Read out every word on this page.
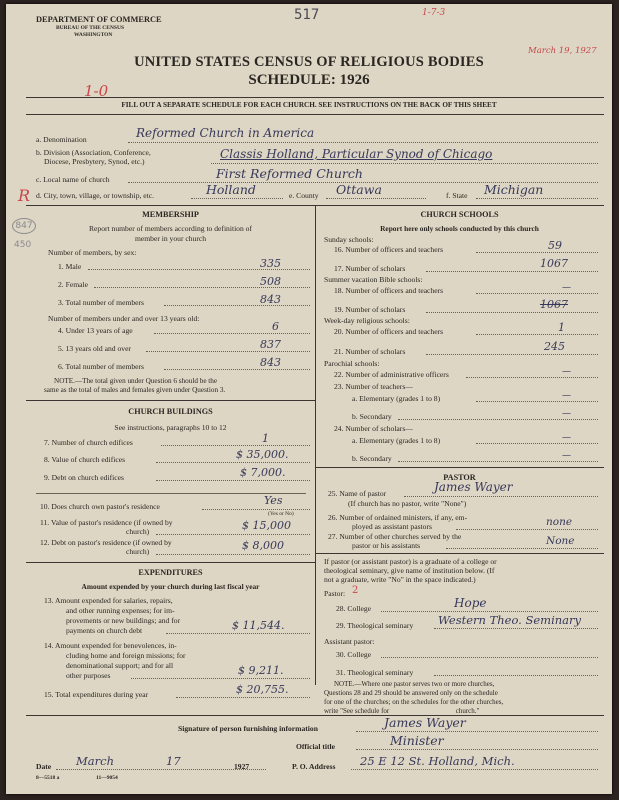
DEPARTMENT OF COMMERCE
BUREAU OF THE CENSUS
WASHINGTON
517	1-7-3
March 19, 1927
1-0
UNITED STATES CENSUS OF RELIGIOUS BODIES
SCHEDULE: 1926
FILL OUT A SEPARATE SCHEDULE FOR EACH CHURCH. SEE INSTRUCTIONS ON THE BACK OF THIS SHEET
a. Denomination	Reformed Church in America
b. Division (Association, Conference,
Diocese, Presbytery, Synod, etc.)
Classis Holland, Particular Synod of Chicago
c. Local name of church	First Reformed Church
R d. City, town, village, or township, etc.	Holland	e. County Ottawa	f. State Michigan
847
450
MEMBERSHIP
Report number of members according to definition of
member in your church
Number of members, by sex:
1. Male	335
2. Female	508
3. Total number of members	843
Number of members under and over 13 years old:
4. Under 13 years of age	6
5. 13 years old and over	837
6. Total number of members	843
NOTE.—The total given under Question 6 should be the
same as the total of males and females given under Question 3.
CHURCH BUILDINGS
See instructions, paragraphs 10 to 12
7. Number of church edifices	1
8. Value of church edifices	$ 35,000.
9. Debt on church edifices	$ 7,000.
10. Does church own pastor's residence	Yes
(Yes or No)
11. Value of pastor's residence (if owned by
church)	$ 15,000
12. Debt on pastor's residence (if owned by
church)	$ 8,000
EXPENDITURES
Amount expended by your church during last fiscal year
13. Amount expended for salaries, repairs,
and other running expenses; for im-
provements or new buildings; and for
payments on church debt	$ 11,544.
14. Amount expended for benevolences, in-
cluding home and foreign missions; for
denominational support; and for all
other purposes	$ 9,211.
15. Total expenditures during year	$ 20,755.
CHURCH SCHOOLS
Report here only schools conducted by this church
Sunday schools:
16. Number of officers and teachers	59
17. Number of scholars	1067
Summer vacation Bible schools:
18. Number of officers and teachers	—
19. Number of scholars	1067
Week-day religious schools:
20. Number of officers and teachers	1
21. Number of scholars	245
Parochial schools:
22. Number of administrative officers	—
23. Number of teachers—
a. Elementary (grades 1 to 8)	—
b. Secondary	—
24. Number of scholars—
a. Elementary (grades 1 to 8)	—
b. Secondary	—
PASTOR
25. Name of pastor	James Wayer
(If church has no pastor, write "None")
26. Number of ordained ministers, if any, em-
ployed as assistant pastors	none
27. Number of other churches served by the
pastor or his assistants	None
If pastor (or assistant pastor) is a graduate of a college or
theological seminary, give name of institution below. (If
not a graduate, write "No" in the space indicated.)
Pastor: 2
28. College	Hope
29. Theological seminary Western Theo. Seminary
Assistant pastor:
30. College
31. Theological seminary
NOTE.—Where one pastor serves two or more churches,
Questions 28 and 29 should be answered only on the schedule
for one of the churches; on the schedules for the other churches,
write "See schedule for                                      church."
Signature of person furnishing information	James Wayer
Official title	Minister
Date March	17	1927	P. O. Address 25 E 12 St. Holland, Mich.
8—5518 a	11—9054
